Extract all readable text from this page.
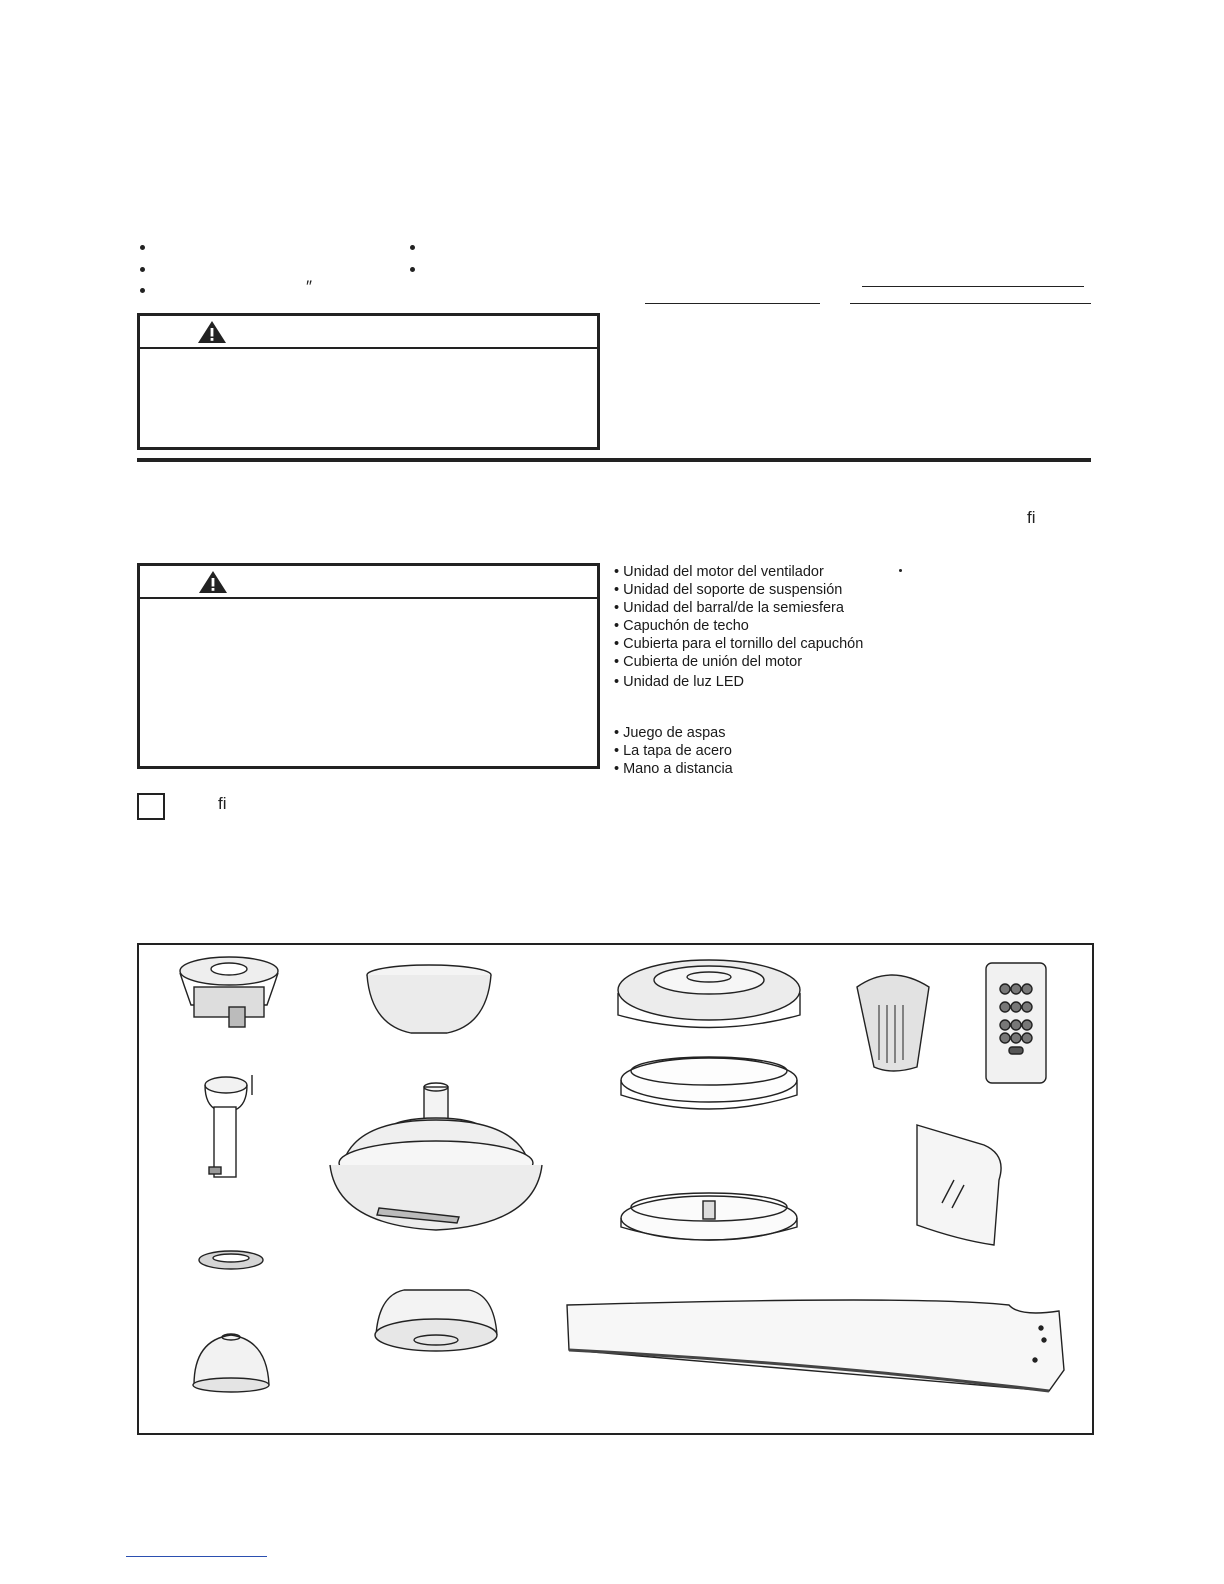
″
fi
• Unidad del motor del ventilador
• Unidad del soporte de suspensión
• Unidad del barral/de la semiesfera
• Capuchón de techo
• Cubierta para el tornillo del capuchón
• Cubierta de unión del motor
• Unidad de luz LED
• Juego de aspas
• La tapa de acero
• Mano a distancia
fi
